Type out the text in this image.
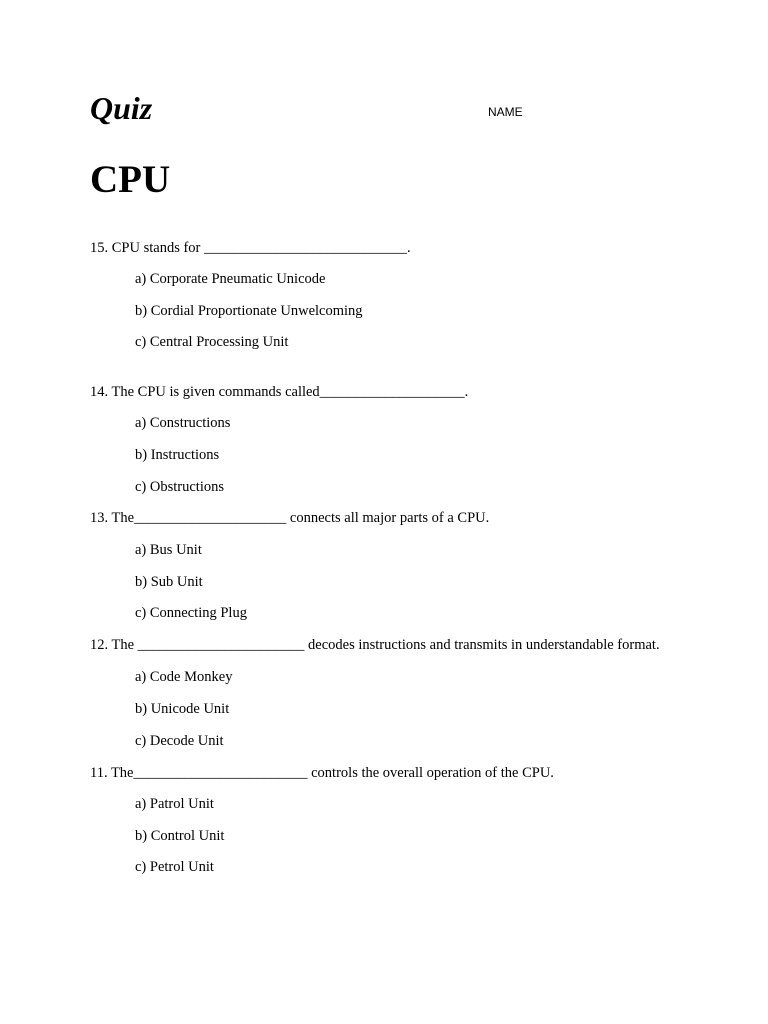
Quiz	NAME
CPU
15. CPU stands for ____________________________.
a) Corporate Pneumatic Unicode
b) Cordial Proportionate Unwelcoming
c) Central Processing Unit
14. The CPU is given commands called____________________.
a) Constructions
b) Instructions
c) Obstructions
13. The_____________________ connects all major parts of a CPU.
a) Bus Unit
b) Sub Unit
c) Connecting Plug
12. The _______________________ decodes instructions and transmits in understandable format.
a) Code Monkey
b) Unicode Unit
c) Decode Unit
11. The________________________ controls the overall operation of the CPU.
a) Patrol Unit
b) Control Unit
c) Petrol Unit
